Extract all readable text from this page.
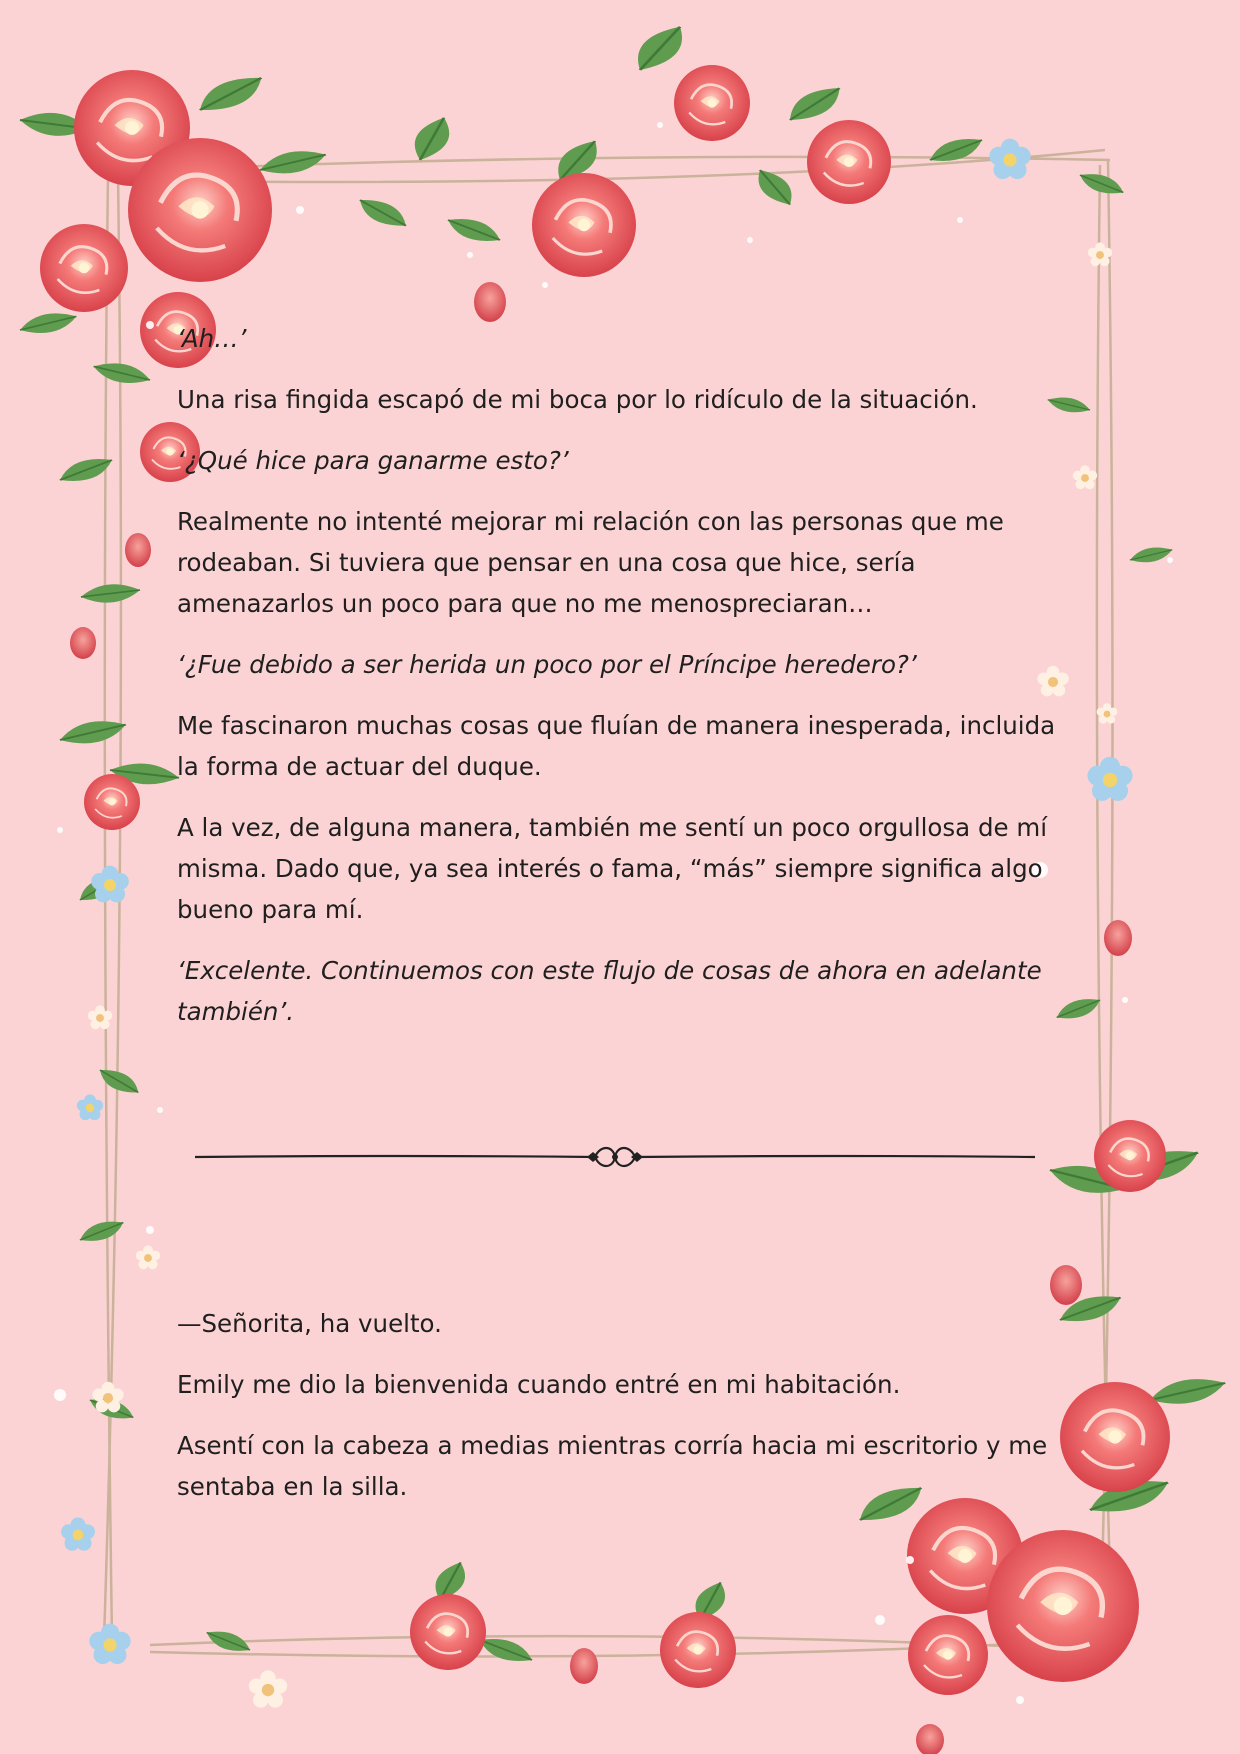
‘Ah…’

Una risa fingida escapó de mi boca por lo ridículo de la situación.

‘¿Qué hice para ganarme esto?’

Realmente no intenté mejorar mi relación con las personas que me rodeaban. Si tuviera que pensar en una cosa que hice, sería amenazarlos un poco para que no me menospreciaran…

‘¿Fue debido a ser herida un poco por el Príncipe heredero?’

Me fascinaron muchas cosas que fluían de manera inesperada, incluida la forma de actuar del duque.

A la vez, de alguna manera, también me sentí un poco orgullosa de mí misma. Dado que, ya sea interés o fama, “más” siempre significa algo bueno para mí.

‘Excelente. Continuemos con este flujo de cosas de ahora en adelante también’.

—Señorita, ha vuelto.

Emily me dio la bienvenida cuando entré en mi habitación.

Asentí con la cabeza a medias mientras corría hacia mi escritorio y me sentaba en la silla.
